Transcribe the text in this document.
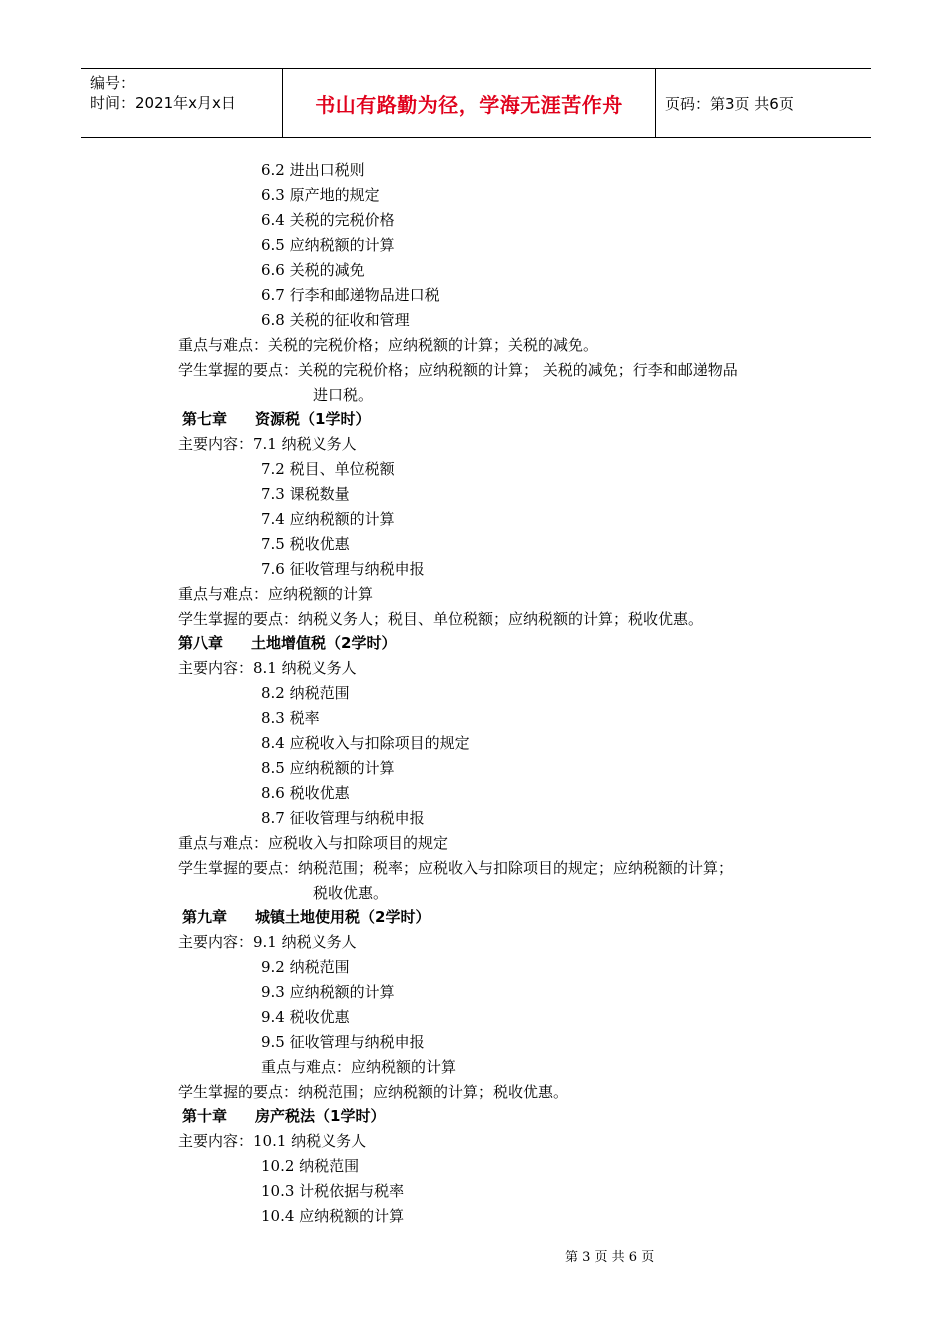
编号：
时间：2021年x月x日	书山有路勤为径，学海无涯苦作舟	页码：第3页 共6页
6.2 进出口税则
6.3 原产地的规定
6.4 关税的完税价格
6.5 应纳税额的计算
6.6 关税的减免
6.7 行李和邮递物品进口税
6.8 关税的征收和管理
重点与难点：关税的完税价格；应纳税额的计算；关税的减免。
学生掌握的要点：关税的完税价格；应纳税额的计算； 关税的减免；行李和邮递物品
进口税。
第七章 资源税（1学时）
主要内容：7.1 纳税义务人
7.2 税目、单位税额
7.3 课税数量
7.4 应纳税额的计算
7.5 税收优惠
7.6 征收管理与纳税申报
重点与难点：应纳税额的计算
学生掌握的要点：纳税义务人；税目、单位税额；应纳税额的计算；税收优惠。
第八章 土地增值税（2学时）
主要内容：8.1 纳税义务人
8.2 纳税范围
8.3 税率
8.4 应税收入与扣除项目的规定
8.5 应纳税额的计算
8.6 税收优惠
8.7 征收管理与纳税申报
重点与难点：应税收入与扣除项目的规定
学生掌握的要点：纳税范围；税率；应税收入与扣除项目的规定；应纳税额的计算；
税收优惠。
第九章 城镇土地使用税（2学时）
主要内容：9.1 纳税义务人
9.2 纳税范围
9.3 应纳税额的计算
9.4 税收优惠
9.5 征收管理与纳税申报
重点与难点：应纳税额的计算
学生掌握的要点：纳税范围；应纳税额的计算；税收优惠。
第十章 房产税法（1学时）
主要内容：10.1 纳税义务人
10.2 纳税范围
10.3 计税依据与税率
10.4 应纳税额的计算
第 3 页 共 6 页
